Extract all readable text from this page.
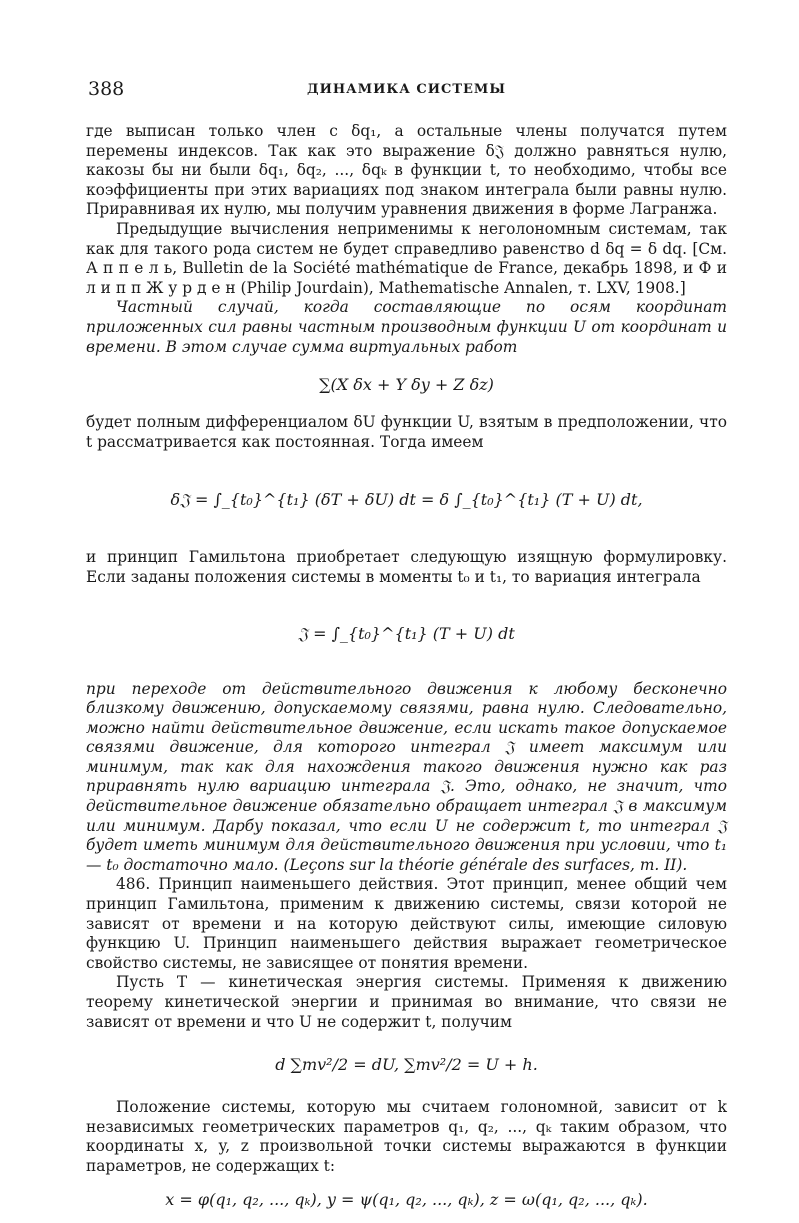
388	ДИНАМИКА СИСТЕМЫ

где выписан только член с δq₁, а остальные члены получатся путем перемены индексов. Так как это выражение δ𝔍 должно равняться нулю, какозы бы ни были δq₁, δq₂, ..., δqₖ в функции t, то необходимо, чтобы все коэффициенты при этих вариациях под знаком интеграла были равны нулю. Приравнивая их нулю, мы получим уравнения движения в форме Лагранжа.

Предыдущие вычисления неприменимы к неголономным системам, так как для такого рода систем не будет справедливо равенство d δq = δ dq. [См. А п п е л ь, Bulletin de la Société mathématique de France, декабрь 1898, и Ф и л и п п Ж у р д е н (Philip Jourdain), Mathematische Annalen, т. LXV, 1908.]

Частный случай, когда составляющие по осям координат приложенных сил равны частным производным функции U от координат и времени. В этом случае сумма виртуальных работ

∑(X δx + Y δy + Z δz)

будет полным дифференциалом δU функции U, взятым в предположении, что t рассматривается как постоянная. Тогда имеем

δ𝔍 = ∫_{t₀}^{t₁} (δT + δU) dt = δ ∫_{t₀}^{t₁} (T + U) dt,

и принцип Гамильтона приобретает следующую изящную формулировку. Если заданы положения системы в моменты t₀ и t₁, то вариация интеграла

𝔍 = ∫_{t₀}^{t₁} (T + U) dt

при переходе от действительного движения к любому бесконечно близкому движению, допускаемому связями, равна нулю. Следовательно, можно найти действительное движение, если искать такое допускаемое связями движение, для которого интеграл 𝔍 имеет максимум или минимум, так как для нахождения такого движения нужно как раз приравнять нулю вариацию интеграла 𝔍. Это, однако, не значит, что действительное движение обязательно обращает интеграл 𝔍 в максимум или минимум. Дарбу показал, что если U не содержит t, то интеграл 𝔍 будет иметь минимум для действительного движения при условии, что t₁ — t₀ достаточно мало. (Leçons sur la théorie générale des surfaces, т. II).

486. Принцип наименьшего действия. Этот принцип, менее общий чем принцип Гамильтона, применим к движению системы, связи которой не зависят от времени и на которую действуют силы, имеющие силовую функцию U. Принцип наименьшего действия выражает геометрическое свойство системы, не зависящее от понятия времени.

Пусть T — кинетическая энергия системы. Применяя к движению теорему кинетической энергии и принимая во внимание, что связи не зависят от времени и что U не содержит t, получим

d ∑mv²/2 = dU, ∑mv²/2 = U + h.

Положение системы, которую мы считаем голономной, зависит от k независимых геометрических параметров q₁, q₂, ..., qₖ таким образом, что координаты x, y, z произвольной точки системы выражаются в функции параметров, не содержащих t:

x = φ(q₁, q₂, ..., qₖ), y = ψ(q₁, q₂, ..., qₖ), z = ω(q₁, q₂, ..., qₖ).
